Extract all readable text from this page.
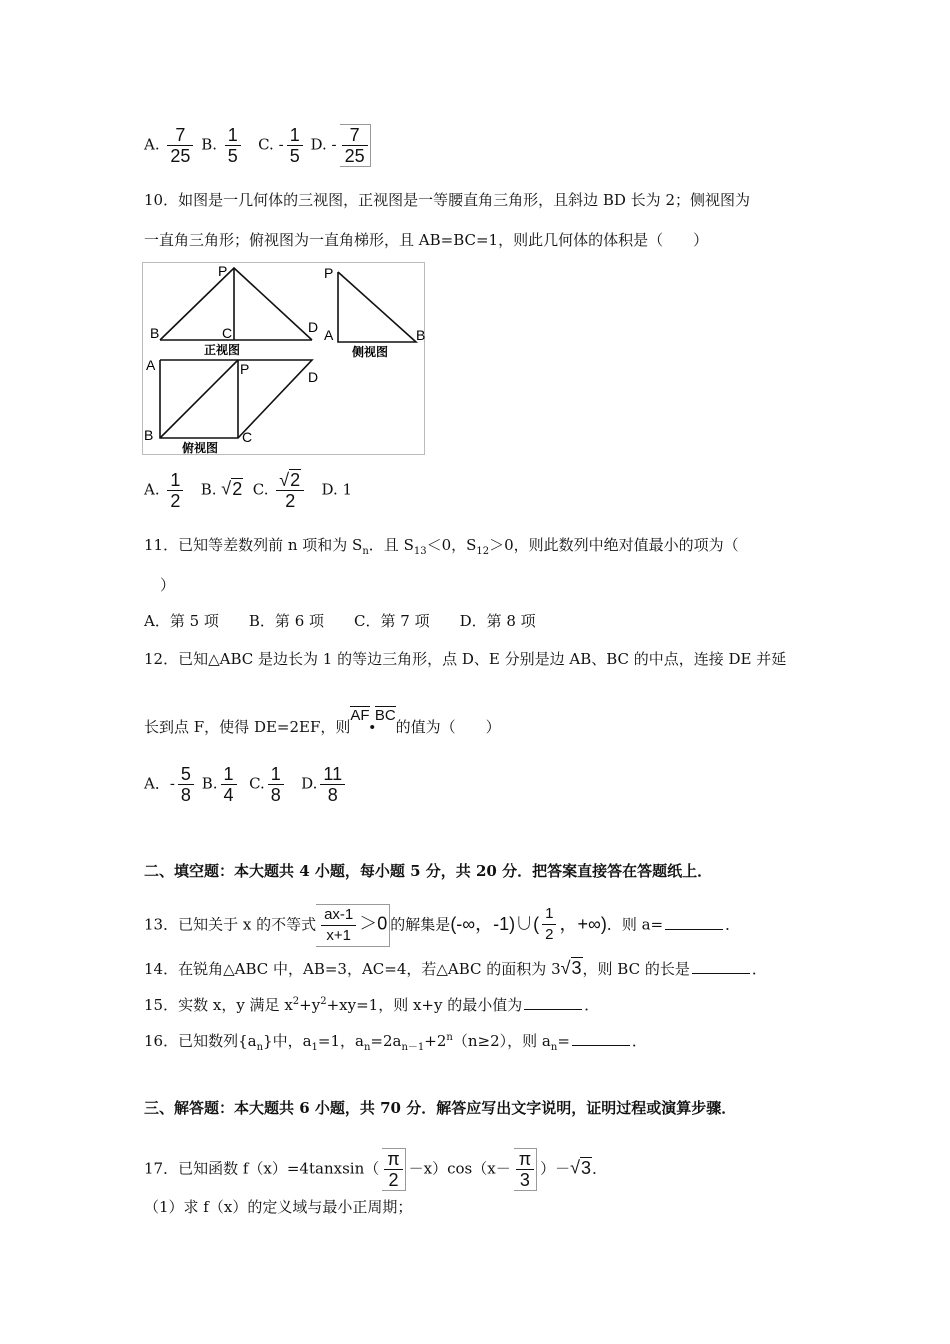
A. $\frac{7}{25} B$. $\frac{1}{5} C$. - $\frac{1}{5} D$. - $\frac{7}{25}$
10．如图是一几何体的三视图，正视图是一等腰直角三角形，且斜边 BD 长为 2；侧视图为
一直角三角形；俯视图为一直角梯形，且 AB=BC=1，则此几何体的体积是（　　）
P
B	C	D
正视图
P
A	B
侧视图
A	P	D
B	C
俯视图
A. $\frac{1}{2} B$. √2 C. $\frac{√2}{2} D$. 1
11．已知等差数列前 n 项和为 $S_n$．且 $S_{13}<0$，$S_{12}>0$，则此数列中绝对值最小的项为（
）
A．第 5 项　　B．第 6 项　　C．第 7 项　　D．第 8 项
12．已知△ABC 是边长为 1 的等边三角形，点 D、E 分别是边 AB、BC 的中点，连接 DE 并延
长到点 F，使得 DE=2EF，则AF•BC的值为（　　）
A．- $\frac{5}{8} B$. $\frac{1}{4} C$. $\frac{1}{8} D$. $\frac{11}{8}$
二、填空题：本大题共 4 小题，每小题 5 分，共 20 分．把答案直接答在答题纸上．
13．已知关于 x 的不等式 $\frac{ax-1}{x+1} >0$ 的解集是(-∞，-1)∪( $\frac{1}{2}$ ，+∞)．则 a=	．
14．在锐角△ABC 中，AB=3，AC=4，若△ABC 的面积为 3√3，则 BC 的长是	．
15．实数 x，y 满足 $x^2+y^2+xy=1$，则 x+y 的最小值为	．
16．已知数列$\{a_n\}$中，$a_1=1$，$a_n=2a_{n-1}+2^n(n\ge 2)$，则 $a_n=$	．
三、解答题：本大题共 6 小题，共 70 分．解答应写出文字说明，证明过程或演算步骤．
17．已知函数 f（x）=4tanxsin（ $\frac{\pi}{2} -x)\cos(x- \frac{\pi}{3} )-√3$．
（1）求 f（x）的定义域与最小正周期；
